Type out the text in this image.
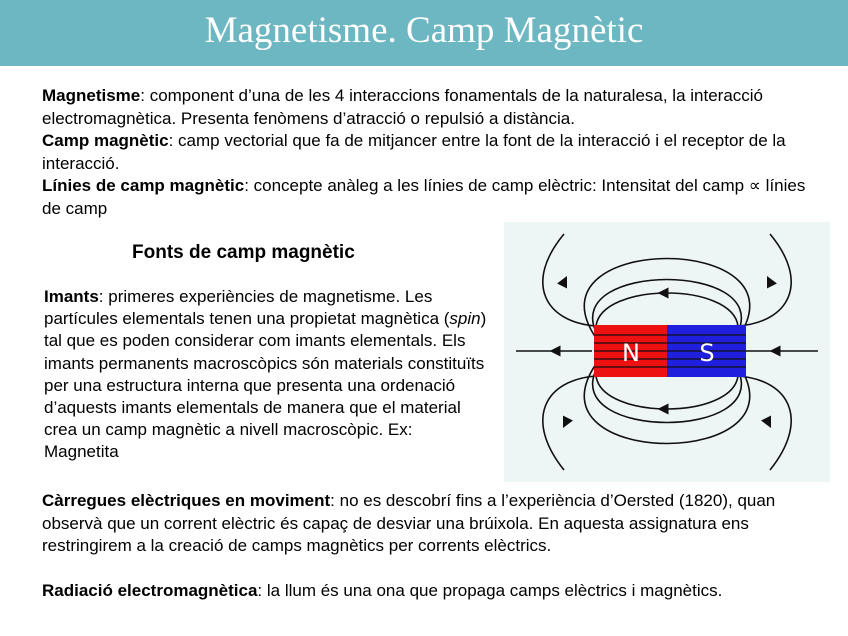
Magnetisme. Camp Magnètic

Magnetisme: component d’una de les 4 interaccions fonamentals de la naturalesa, la interacció electromagnètica. Presenta fenòmens d’atracció o repulsió a distància.

Camp magnètic: camp vectorial que fa de mitjancer entre la font de la interacció i el receptor de la interacció.

Línies de camp magnètic: concepte anàleg a les línies de camp elèctric: Intensitat del camp ∝ línies de camp

Fonts de camp magnètic

Imants: primeres experiències de magnetisme. Les partícules elementals tenen una propietat magnètica (spin) tal que es poden considerar com imants elementals. Els imants permanents macroscòpics són materials constituïts per una estructura interna que presenta una ordenació d’aquests imants elementals de manera que el material crea un camp magnètic a nivell macroscòpic. Ex: Magnetita

N S

Càrregues elèctriques en moviment: no es descobrí fins a l’experiència d’Oersted (1820), quan observà que un corrent elèctric és capaç de desviar una brúixola. En aquesta assignatura ens restringirem a la creació de camps magnètics per corrents elèctrics.

Radiació electromagnètica: la llum és una ona que propaga camps elèctrics i magnètics.
